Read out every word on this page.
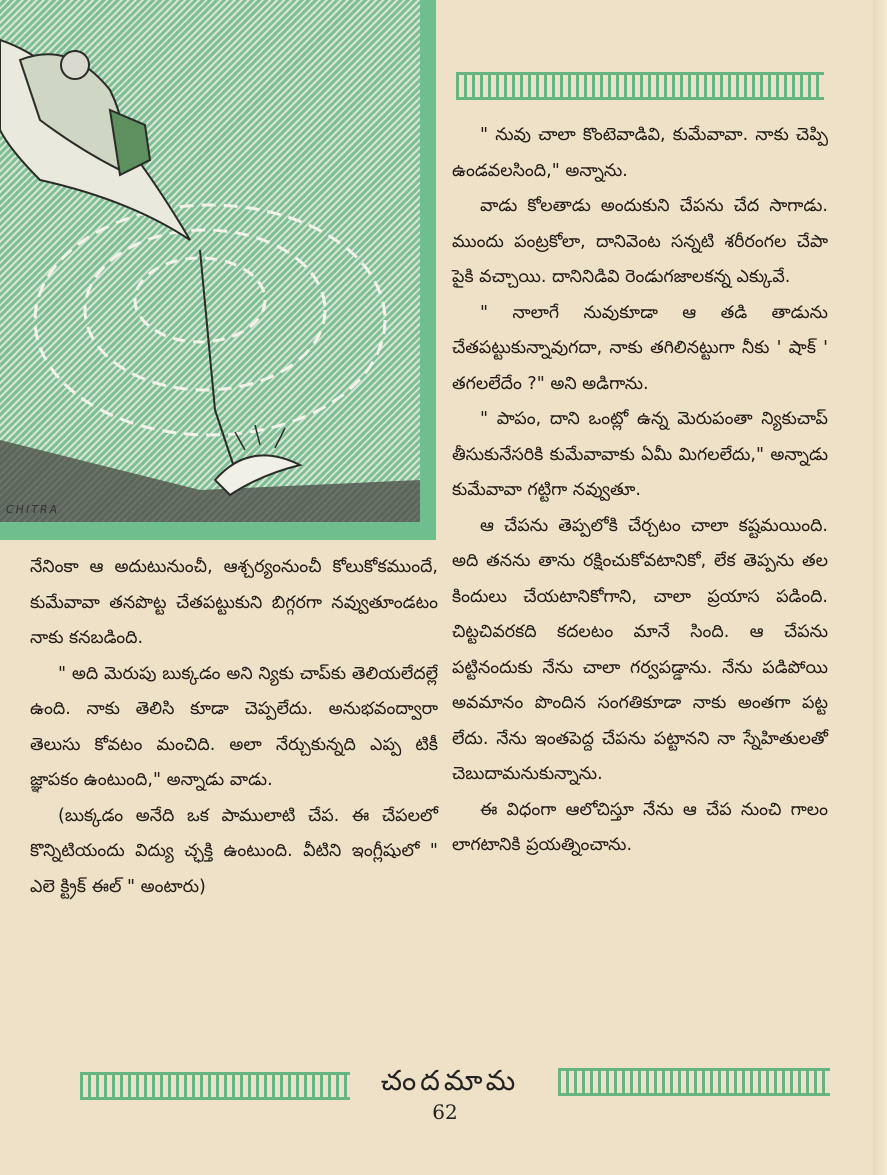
CHITRA

" నువు చాలా కొంటెవాడివి, కుమేవావా. నాకు చెప్పి ఉండవలసింది," అన్నాను.

వాడు కోలతాడు అందుకుని చేపను చేద సాగాడు. ముందు పంట్రకోలా, దానివెంట సన్నటి శరీరంగల చేపా పైకి వచ్చాయి. దానినిడివి రెండుగజాలకన్న ఎక్కువే.

" నాలాగే నువుకూడా ఆ తడి తాడును చేతపట్టుకున్నావుగదా, నాకు తగిలినట్టుగా నీకు ' షాక్ ' తగలలేదేం ?" అని అడిగాను.

" పాపం, దాని ఒంట్లో ఉన్న మెరుపంతా న్యికుచాప్ తీసుకునేసరికి కుమేవావాకు ఏమీ మిగలలేదు," అన్నాడు కుమేవావా గట్టిగా నవ్వుతూ.

ఆ చేపను తెప్పలోకి చేర్చటం చాలా కష్టమయింది. అది తనను తాను రక్షించుకోవటానికో, లేక తెప్పను తల కిందులు చేయటానికోగాని, చాలా ప్రయాస పడింది. చిట్టచివరకది కదలటం మానే సింది. ఆ చేపను పట్టినందుకు నేను చాలా గర్వపడ్డాను. నేను పడిపోయి అవమానం పొందిన సంగతికూడా నాకు అంతగా పట్ట లేదు. నేను ఇంతపెద్ద చేపను పట్టానని నా స్నేహితులతో చెబుదామనుకున్నాను.

ఈ విధంగా ఆలోచిస్తూ నేను ఆ చేప నుంచి గాలం లాగటానికి ప్రయత్నించాను.

నేనింకా ఆ అదుటునుంచీ, ఆశ్చర్యంనుంచీ కోలుకోకముందే, కుమేవావా తనపొట్ట చేతపట్టుకుని బిగ్గరగా నవ్వుతూండటం నాకు కనబడింది.

" అది మెరుపు బుక్కడం అని న్యికు చాప్‌కు తెలియలేదల్లే ఉంది. నాకు తెలిసి కూడా చెప్పలేదు. అనుభవంద్వారా తెలుసు కోవటం మంచిది. అలా నేర్చుకున్నది ఎప్ప టికీ జ్ఞాపకం ఉంటుంది," అన్నాడు వాడు.

(బుక్కడం అనేది ఒక పాములాటి చేప. ఈ చేపలలో కొన్నిటియందు విద్యు చ్ఛక్తి ఉంటుంది. వీటిని ఇంగ్లీషులో " ఎలె క్ట్రిక్ ఈల్ " అంటారు)

చందమామ
62
